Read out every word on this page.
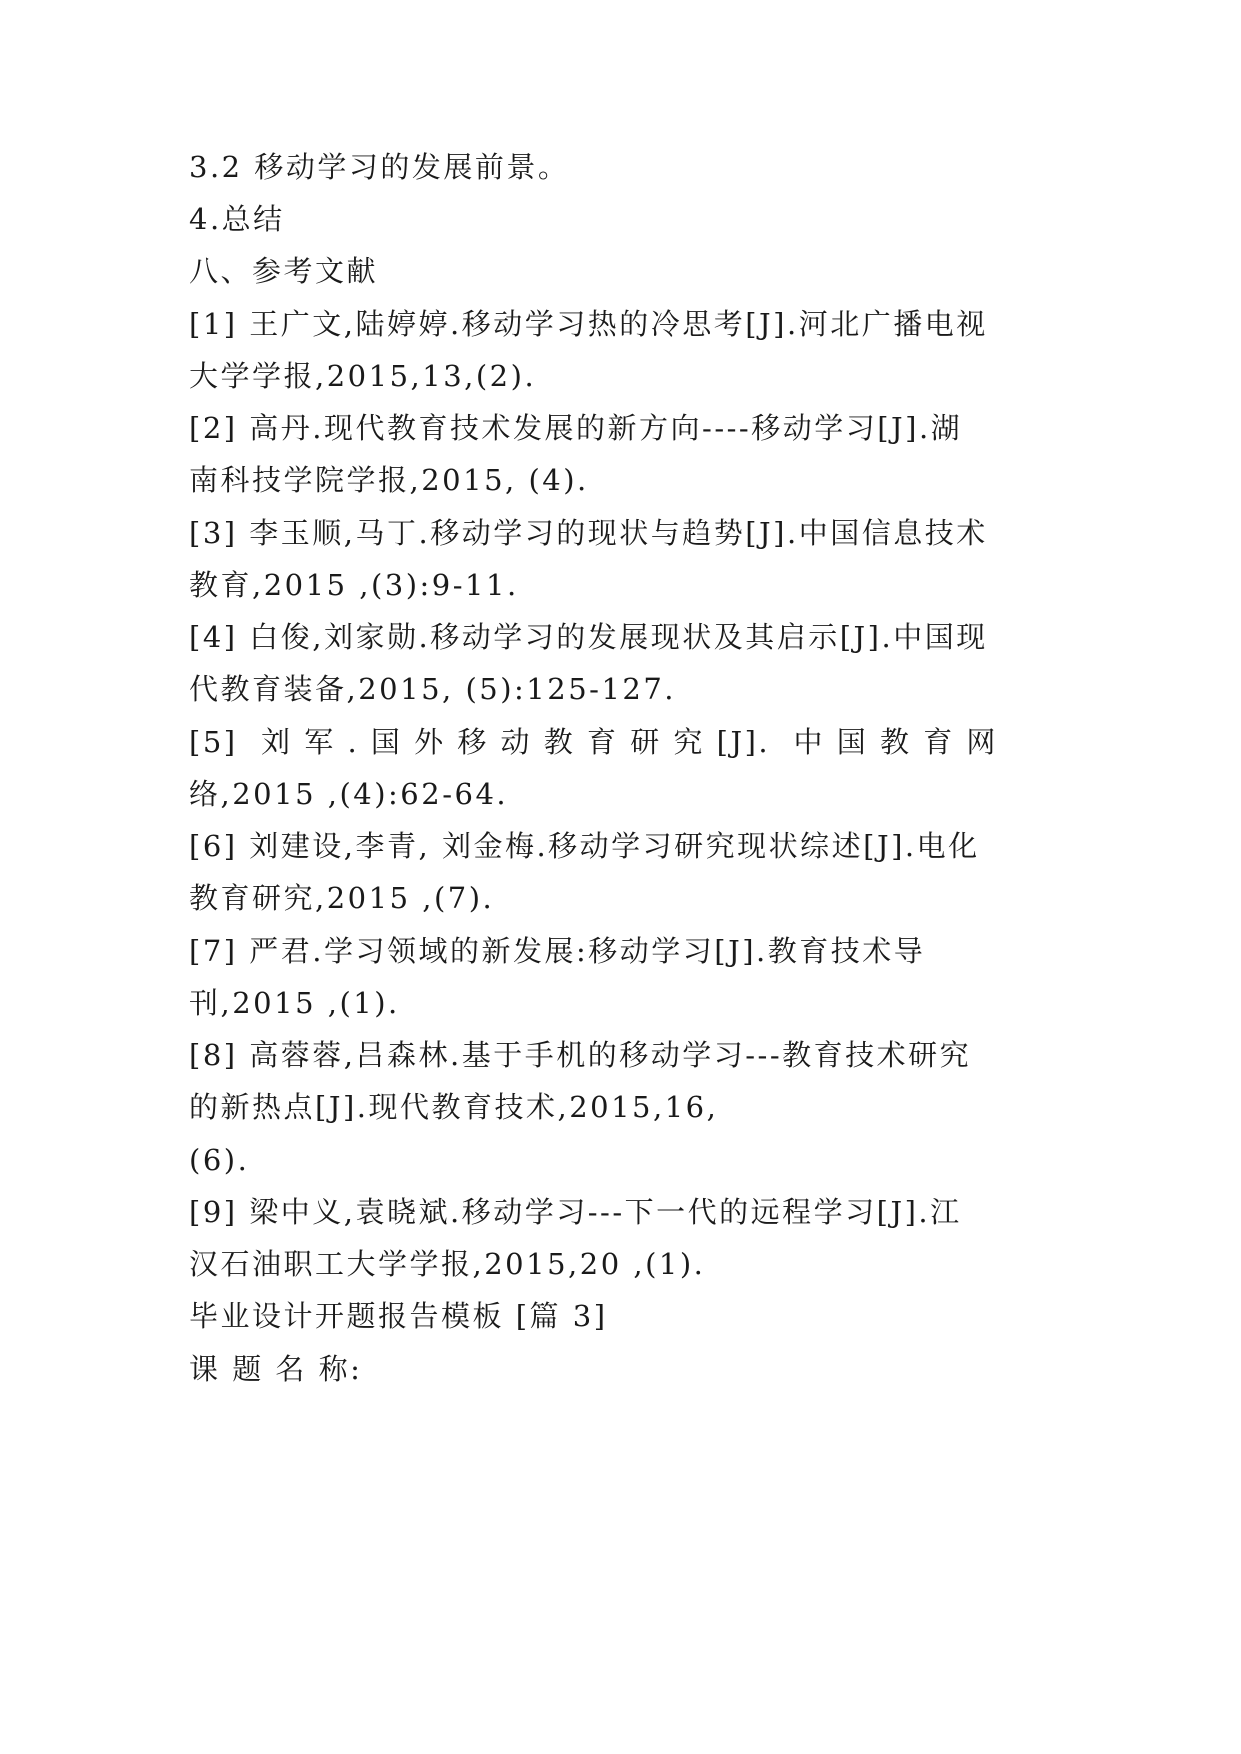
3.2 移动学习的发展前景。
4.总结
八、参考文献
[1] 王广文,陆婷婷.移动学习热的冷思考[J].河北广播电视
大学学报,2015,13,(2).
[2] 高丹.现代教育技术发展的新方向----移动学习[J].湖
南科技学院学报,2015, (4).
[3] 李玉顺,马丁.移动学习的现状与趋势[J].中国信息技术
教育,2015 ,(3):9-11.
[4] 白俊,刘家勋.移动学习的发展现状及其启示[J].中国现
代教育装备,2015, (5):125-127.
[5]  刘 军 . 国 外 移 动 教 育 研 究 [J].  中 国 教 育 网
络,2015 ,(4):62-64.
[6] 刘建设,李青, 刘金梅.移动学习研究现状综述[J].电化
教育研究,2015 ,(7).
[7] 严君.学习领域的新发展:移动学习[J].教育技术导
刊,2015 ,(1).
[8] 高蓉蓉,吕森林.基于手机的移动学习---教育技术研究
的新热点[J].现代教育技术,2015,16,
(6).
[9] 梁中义,袁晓斌.移动学习---下一代的远程学习[J].江
汉石油职工大学学报,2015,20 ,(1).
毕业设计开题报告模板 [篇 3]
课 题 名 称:
